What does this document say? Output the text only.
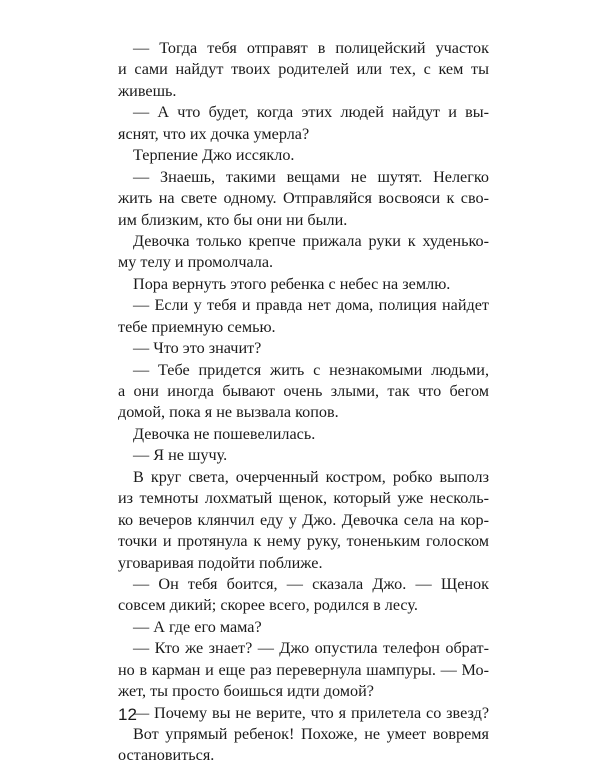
— Тогда тебя отправят в полицейский участок
и сами найдут твоих родителей или тех, с кем ты
живешь.
— А что будет, когда этих людей найдут и вы-
яснят, что их дочка умерла?
Терпение Джо иссякло.
— Знаешь, такими вещами не шутят. Нелегко
жить на свете одному. Отправляйся восвояси к сво-
им близким, кто бы они ни были.
Девочка только крепче прижала руки к худенько-
му телу и промолчала.
Пора вернуть этого ребенка с небес на землю.
— Если у тебя и правда нет дома, полиция найдет
тебе приемную семью.
— Что это значит?
— Тебе придется жить с незнакомыми людьми,
а они иногда бывают очень злыми, так что бегом
домой, пока я не вызвала копов.
Девочка не пошевелилась.
— Я не шучу.
В круг света, очерченный костром, робко выполз
из темноты лохматый щенок, который уже несколь-
ко вечеров клянчил еду у Джо. Девочка села на кор-
точки и протянула к нему руку, тоненьким голоском
уговаривая подойти поближе.
— Он тебя боится, — сказала Джо. — Щенок
совсем дикий; скорее всего, родился в лесу.
— А где его мама?
— Кто же знает? — Джо опустила телефон обрат-
но в карман и еще раз перевернула шампуры. — Мо-
жет, ты просто боишься идти домой?
— Почему вы не верите, что я прилетела со звезд?
Вот упрямый ребенок! Похоже, не умеет вовремя
остановиться.
12
